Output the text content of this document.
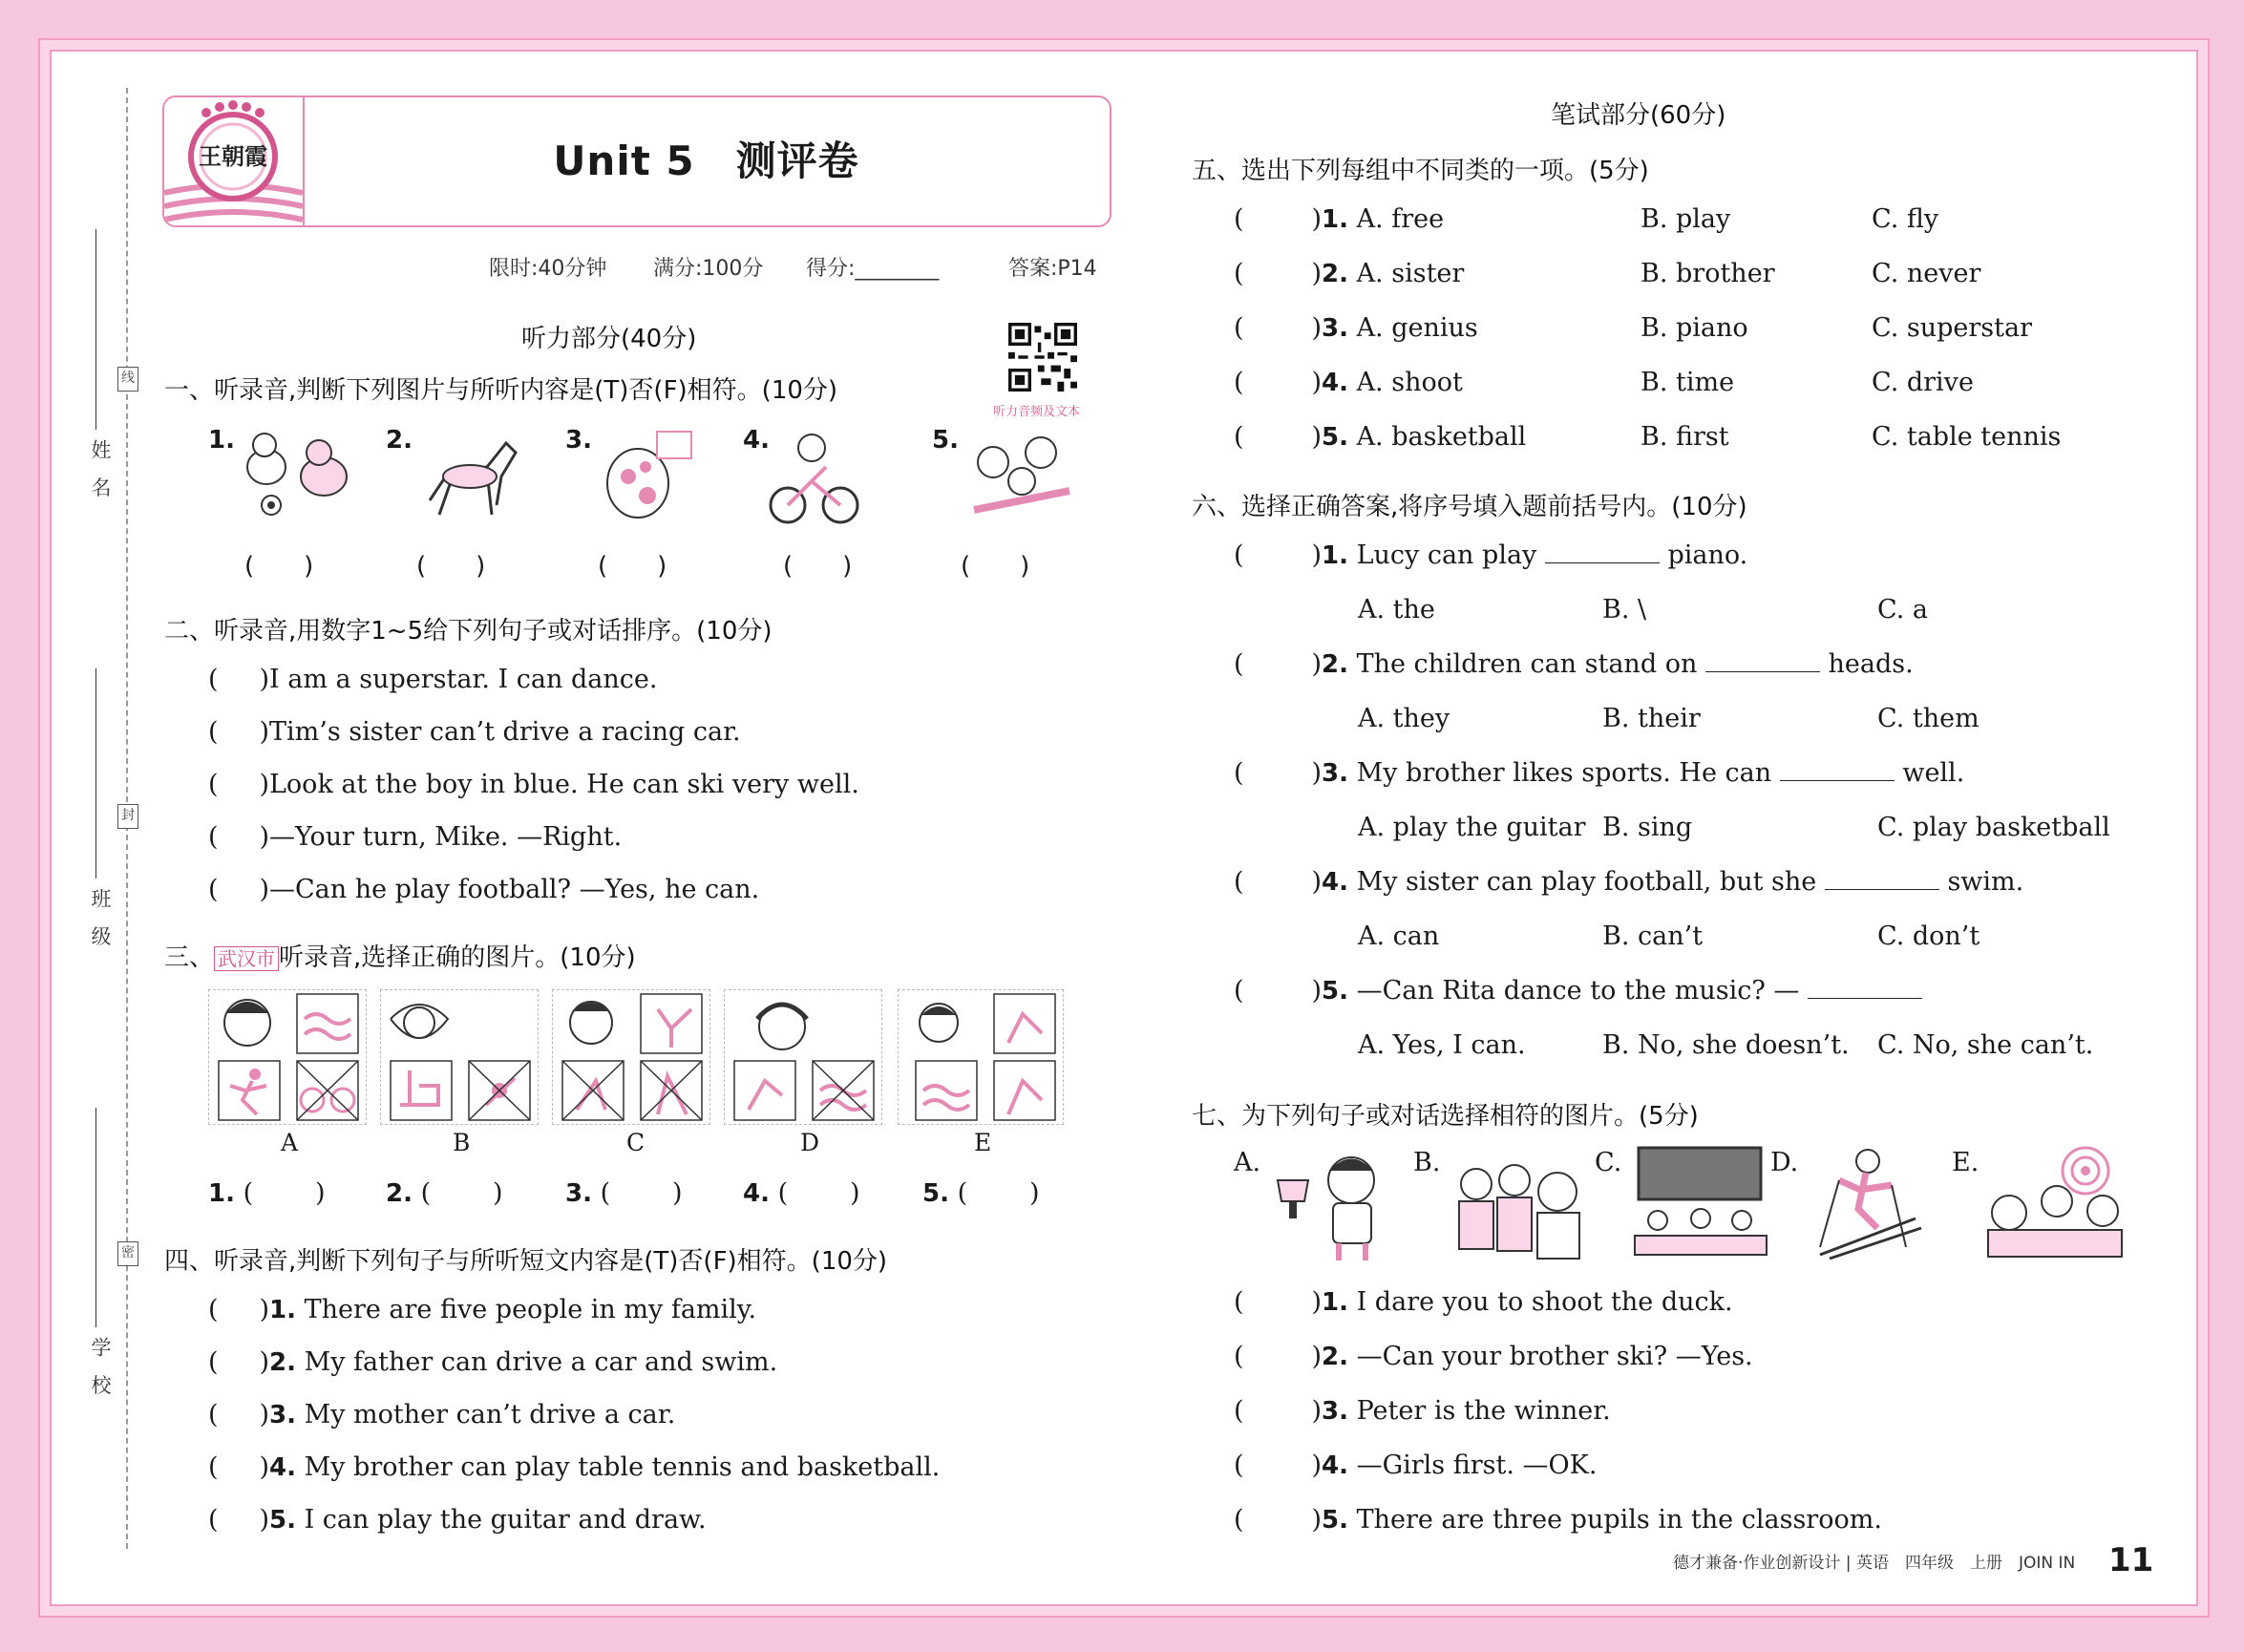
姓 名
班 级
学 校
线
封
密
王朝霞	Unit 5　测评卷
限时:40分钟 满分:100分 得分:________	答案:P14
听力部分(40分)
听力音频及文本
一、听录音,判断下列图片与所听内容是(T)否(F)相符。(10分)
1.	2.	3.	4.	5.
(　　)	(　　)	(　　)	(　　)	(　　)
二、听录音,用数字1~5给下列句子或对话排序。(10分)
( )I am a superstar. I can dance.
( )Tim’s sister can’t drive a racing car.
( )Look at the boy in blue. He can ski very well.
( )—Your turn, Mike. —Right.
( )—Can he play football? —Yes, he can.
三、 武汉市 听录音,选择正确的图片。(10分)
A	B	C	D	E
1. ( )	2. ( )	3. ( )	4. ( )	5. ( )
四、听录音,判断下列句子与所听短文内容是(T)否(F)相符。(10分)
( )1. There are five people in my family.
( )2. My father can drive a car and swim.
( )3. My mother can’t drive a car.
( )4. My brother can play table tennis and basketball.
( )5. I can play the guitar and draw.
笔试部分(60分)
五、选出下列每组中不同类的一项。(5分)
( )1. A. free	B. play	C. fly
( )2. A. sister	B. brother	C. never
( )3. A. genius	B. piano	C. superstar
( )4. A. shoot	B. time	C. drive
( )5. A. basketball	B. first	C. table tennis
六、选择正确答案,将序号填入题前括号内。(10分)
( )1. Lucy can play	piano.
A. the	B. \	C. a
( )2. The children can stand on	heads.
A. they	B. their	C. them
( )3. My brother likes sports. He can	well.
A. play the guitar B. sing	C. play basketball
( )4. My sister can play football, but she	swim.
A. can	B. can’t	C. don’t
( )5. —Can Rita dance to the music? —
A. Yes, I can.	B. No, she doesn’t. C. No, she can’t.
七、为下列句子或对话选择相符的图片。(5分)
A.	B.	C.	D.	E.
( )1. I dare you to shoot the duck.
( )2. —Can your brother ski? —Yes.
( )3. Peter is the winner.
( )4. —Girls first. —OK.
( )5. There are three pupils in the classroom.
德才兼备·作业创新设计 | 英语　四年级　上册　JOIN IN 11
